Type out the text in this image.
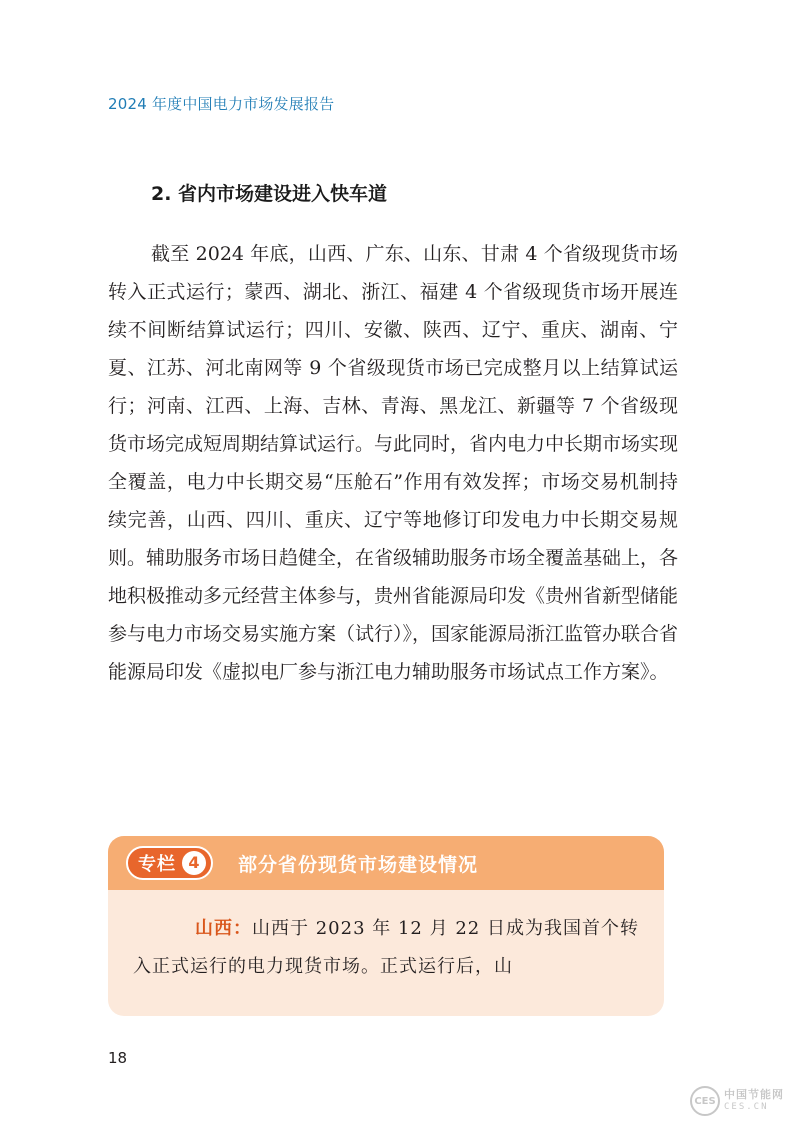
2024 年度中国电力市场发展报告
2. 省内市场建设进入快车道

截至 2024 年底，山西、广东、山东、甘肃 4 个省级现货市场转入正式运行；蒙西、湖北、浙江、福建 4 个省级现货市场开展连续不间断结算试运行；四川、安徽、陕西、辽宁、重庆、湖南、宁夏、江苏、河北南网等 9 个省级现货市场已完成整月以上结算试运行；河南、江西、上海、吉林、青海、黑龙江、新疆等 7 个省级现货市场完成短周期结算试运行。与此同时，省内电力中长期市场实现全覆盖，电力中长期交易“压舱石”作用有效发挥；市场交易机制持续完善，山西、四川、重庆、辽宁等地修订印发电力中长期交易规则。辅助服务市场日趋健全，在省级辅助服务市场全覆盖基础上，各地积极推动多元经营主体参与，贵州省能源局印发《贵州省新型储能参与电力市场交易实施方案（试行）》，国家能源局浙江监管办联合省能源局印发《虚拟电厂参与浙江电力辅助服务市场试点工作方案》。

专栏 4	部分省份现货市场建设情况

山西：山西于 2023 年 12 月 22 日成为我国首个转入正式运行的电力现货市场。正式运行后，山

18
CES 中国节能网
CES.CN
